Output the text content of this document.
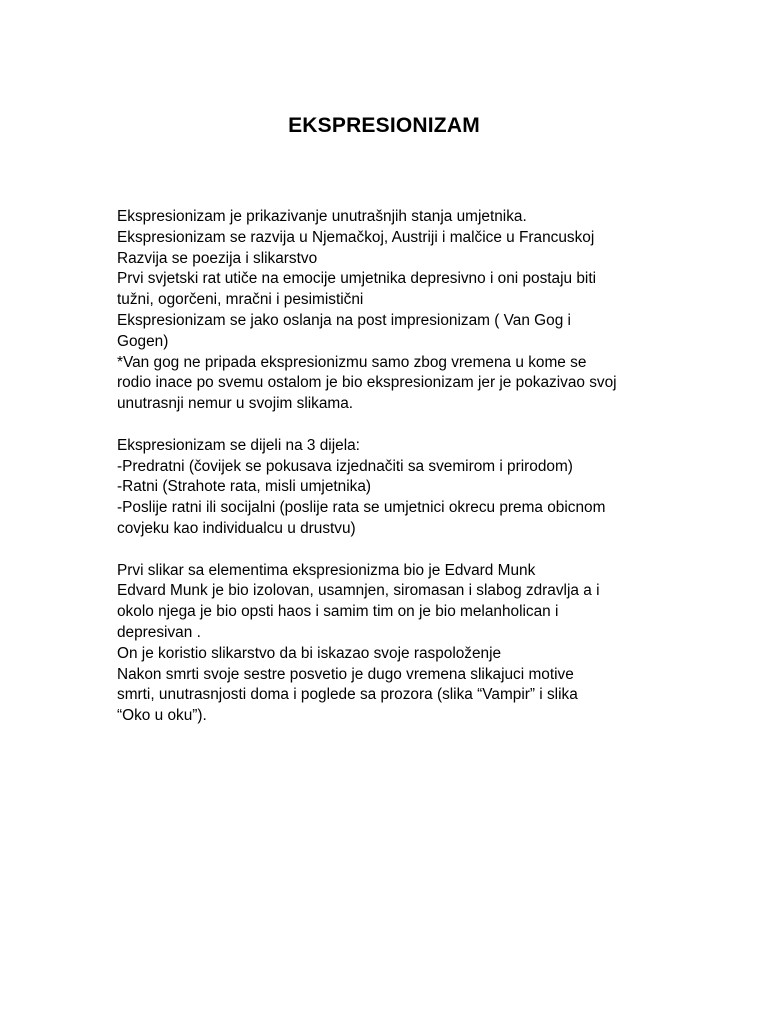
EKSPRESIONIZAM
Ekspresionizam je prikazivanje unutrašnjih stanja umjetnika.
Ekspresionizam se razvija u Njemačkoj, Austriji i malčice u Francuskoj
Razvija se poezija i slikarstvo
Prvi svjetski rat utiče na emocije umjetnika depresivno i oni postaju biti
tužni, ogorčeni, mračni i pesimistični
Ekspresionizam se jako oslanja na post impresionizam ( Van Gog i
Gogen)
*Van gog ne pripada ekspresionizmu samo zbog vremena u kome se
rodio inace po svemu ostalom je bio ekspresionizam jer je pokazivao svoj
unutrasnji nemur u svojim slikama.
Ekspresionizam se dijeli na 3 dijela:
-Predratni (čovijek se pokusava izjednačiti sa svemirom i prirodom)
-Ratni (Strahote rata, misli umjetnika)
-Poslije ratni ili socijalni (poslije rata se umjetnici okrecu prema obicnom
covjeku kao individualcu u drustvu)
Prvi slikar sa elementima ekspresionizma bio je Edvard Munk
Edvard Munk je bio izolovan, usamnjen, siromasan i slabog zdravlja a i
okolo njega je bio opsti haos i samim tim on je bio melanholican i
depresivan .
On je koristio slikarstvo da bi iskazao svoje raspoloženje
Nakon smrti svoje sestre posvetio je dugo vremena slikajuci motive
smrti, unutrasnjosti doma i poglede sa prozora (slika “Vampir” i slika
“Oko u oku”).
